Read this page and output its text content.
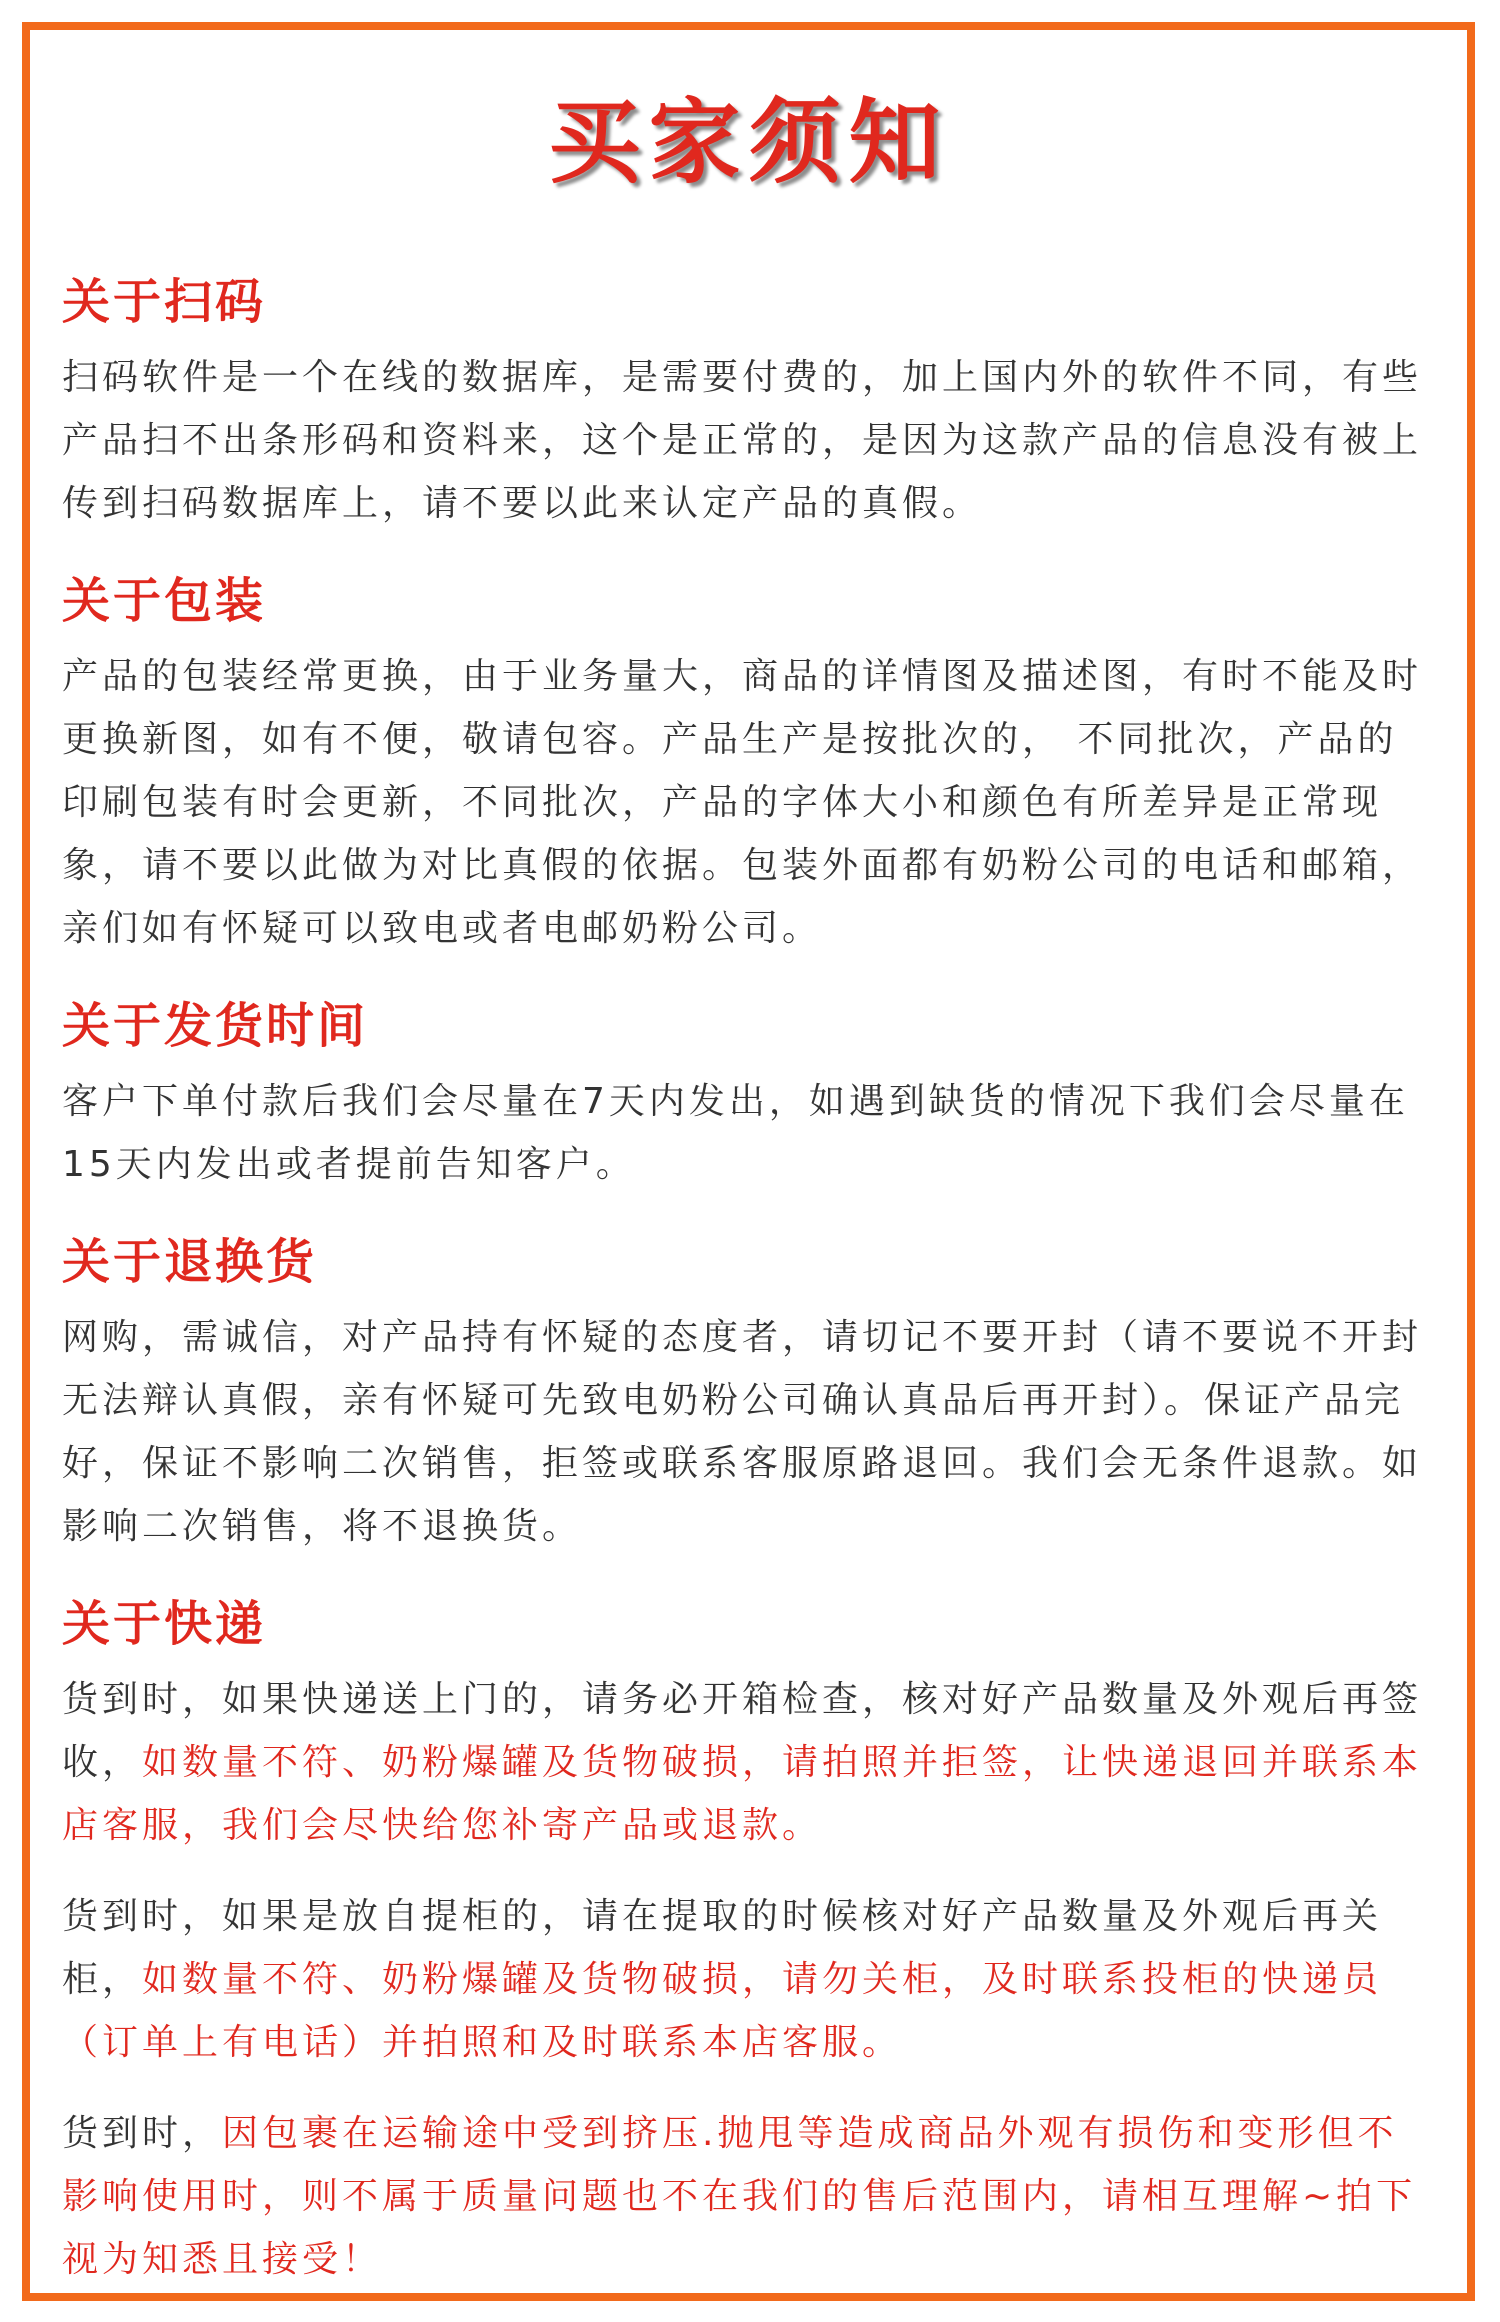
买家须知
关于扫码

扫码软件是一个在线的数据库，是需要付费的，加上国内外的软件不同，有些产品扫不出条形码和资料来，这个是正常的，是因为这款产品的信息没有被上传到扫码数据库上，请不要以此来认定产品的真假。

关于包装

产品的包装经常更换，由于业务量大，商品的详情图及描述图，有时不能及时更换新图，如有不便，敬请包容。产品生产是按批次的， 不同批次，产品的印刷包装有时会更新，不同批次，产品的字体大小和颜色有所差异是正常现象，请不要以此做为对比真假的依据。包装外面都有奶粉公司的电话和邮箱，亲们如有怀疑可以致电或者电邮奶粉公司。

关于发货时间

客户下单付款后我们会尽量在7天内发出，如遇到缺货的情况下我们会尽量在15天内发出或者提前告知客户。

关于退换货

网购，需诚信，对产品持有怀疑的态度者，请切记不要开封（请不要说不开封无法辩认真假，亲有怀疑可先致电奶粉公司确认真品后再开封）。保证产品完好，保证不影响二次销售，拒签或联系客服原路退回。我们会无条件退款。如影响二次销售，将不退换货。

关于快递

货到时，如果快递送上门的，请务必开箱检查，核对好产品数量及外观后再签收，如数量不符、奶粉爆罐及货物破损，请拍照并拒签，让快递退回并联系本店客服，我们会尽快给您补寄产品或退款。

货到时，如果是放自提柜的，请在提取的时候核对好产品数量及外观后再关柜，如数量不符、奶粉爆罐及货物破损，请勿关柜，及时联系投柜的快递员（订单上有电话）并拍照和及时联系本店客服。

货到时，因包裹在运输途中受到挤压.抛甩等造成商品外观有损伤和变形但不影响使用时，则不属于质量问题也不在我们的售后范围内，请相互理解~拍下视为知悉且接受！
